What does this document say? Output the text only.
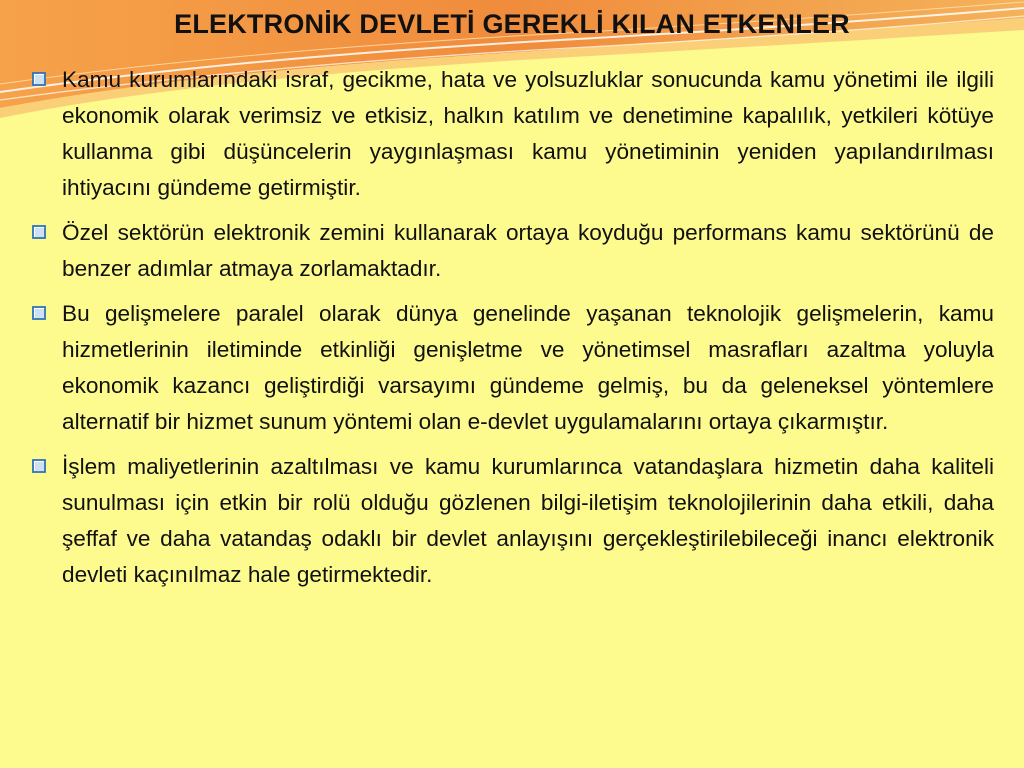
ELEKTRONİK DEVLETİ GEREKLİ KILAN ETKENLER
Kamu kurumlarındaki israf, gecikme, hata ve yolsuzluklar sonucunda kamu yönetimi ile ilgili ekonomik olarak verimsiz ve etkisiz, halkın katılım ve denetimine kapalılık, yetkileri kötüye kullanma gibi düşüncelerin yaygınlaşması kamu yönetiminin yeniden yapılandırılması ihtiyacını gündeme getirmiştir.
Özel sektörün elektronik zemini kullanarak ortaya koyduğu performans kamu sektörünü de benzer adımlar atmaya zorlamaktadır.
Bu gelişmelere paralel olarak dünya genelinde yaşanan teknolojik gelişmelerin, kamu hizmetlerinin iletiminde etkinliği genişletme ve yönetimsel masrafları azaltma yoluyla ekonomik kazancı geliştirdiği varsayımı gündeme gelmiş, bu da geleneksel yöntemlere alternatif bir hizmet sunum yöntemi olan e-devlet uygulamalarını ortaya çıkarmıştır.
İşlem maliyetlerinin azaltılması ve kamu kurumlarınca vatandaşlara hizmetin daha kaliteli sunulması için etkin bir rolü olduğu gözlenen bilgi-iletişim teknolojilerinin daha etkili, daha şeffaf ve daha vatandaş odaklı bir devlet anlayışını gerçekleştirilebileceği inancı elektronik devleti kaçınılmaz hale getirmektedir.
